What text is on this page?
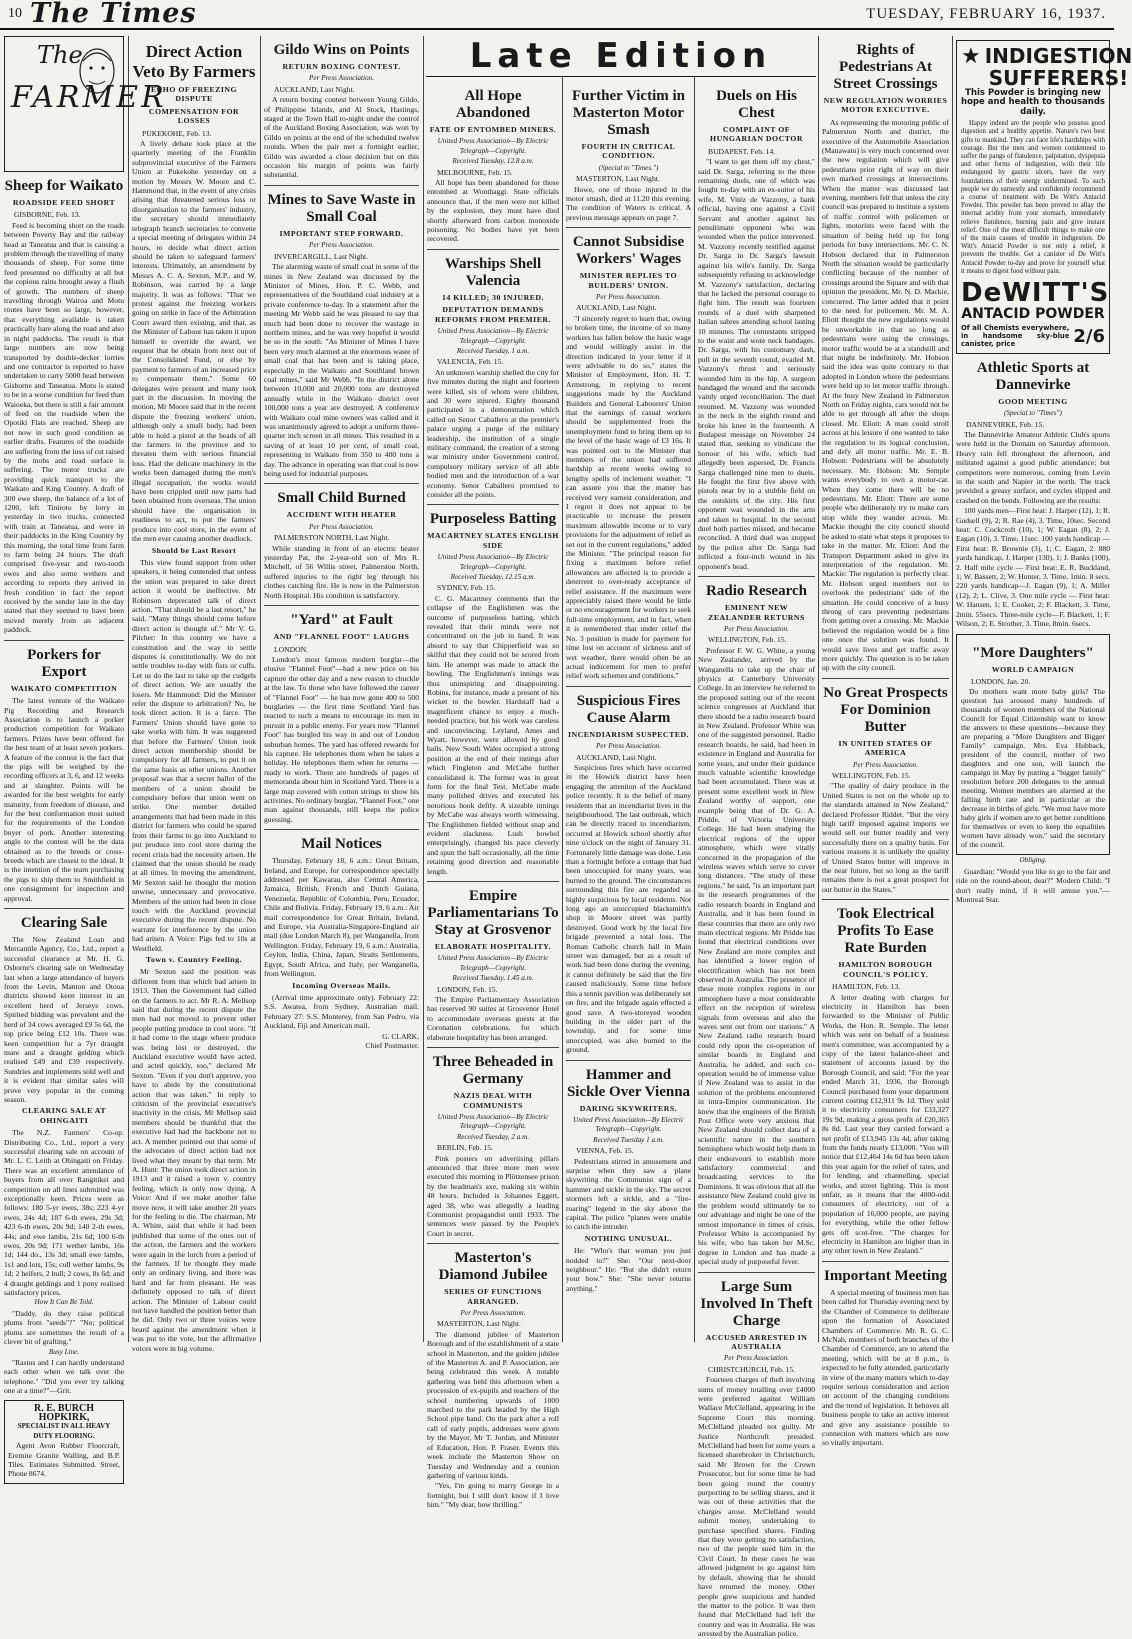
10 The Times	TUESDAY, FEBRUARY 16, 1937.
The
FARMER
Sheep for Waikato
ROADSIDE FEED SHORT

GISBORNE, Feb. 13.

Feed is becoming short on the roads between Poverty Bay and the railway head at Taneatua and that is causing a problem through the travelling of many thousands of sheep. For some time feed presented no difficulty at all but the copious rains brought away a flush of growth. The numbers of sheep travelling through Wairoa and Motu routes have been so large, however, that everything available is taken practically bare along the road and also in night paddocks. The result is that large numbers are now being transported by double-decker lorries and one contractor is reported to have undertaken to carry 5000 head between Gisborne and Taneatua. Motu is stated to be in a worse condition for feed than Waioeka, but there is still a fair amount of feed on the roadside when the Opotiki Flats are reached. Sheep are not now in such good condition as earlier drafts. Features of the roadside are suffering from the loss of cut raised by the mobs and road surface is suffering. The motor trucks are providing quick transport to the Waikato and King Country. A draft of 300 ewe sheep, the balance of a lot of 1200, left Tiniroto by lorry in yesterday in two trucks, connected with train at Taneatua, and were in their paddocks in the King Country by this morning, the total time from farm to farm being 24 hours. The draft comprised five-year and two-tooth ewes and also some wethers and according to reports they arrived in fresh condition in fact the report received by the sender late in the day stated that they seemed to have been moved merely from an adjacent paddock.

Porkers for Export
WAIKATO COMPETITION

The latest venture of the Waikato Pig Recording and Research Association is to launch a porker production competition for Waikato farmers. Prizes have been offered for the best team of at least seven porkers. A feature of the contest is the fact that the pigs will be weighed by the recording officers at 3, 6, and 12 weeks and at slaughter. Points will be awarded for the best weights for early maturity, from freedom of disease, and for the best conformation most suited for the requirements of the London buyer of pork. Another interesting angle to the contest will be the data obtained as to the breeds or cross-breeds which are closest to the ideal. It is the intention of the team purchasing the pigs to ship them to Smithfield in one consignment for inspection and approval.

Clearing Sale

The New Zealand Loan and Mercantile Agency, Co., Ltd., report a successful clearance at Mr. H. G. Osborne's clearing sale on Wednesday last when a large attendance of buyers from the Levin, Manton and Otoua districts showed keen interest in an excellent herd of Jerseys cows. Spirited bidding was prevalent and the herd of 34 cows averaged £9 5s 6d, the top price being £12 10s. There was keen competition for a 7yr draught mare and a draught gelding which realised £49 and £39 respectively. Sundries and implements sold well and it is evident that similar sales will prove very popular in the coming season.

CLEARING SALE AT OHINGAITI

The N.Z. Farmers' Co-op. Distributing Co., Ltd., report a very successful clearing sale on account of Mr. L. C. Leith at Ohingaiti on Friday. There was an excellent attendance of buyers from all over Rangitikei and competition on all lines submitted was exceptionally keen. Prices were as follows: 180 5-yr ewes, 38s; 223 4-yr ewes, 24s 4d; 187 6-th ewes, 29s 3d; 423 6-th ewes, 20s 9d; 140 2-th ewes, 44s; and ewe lambs, 21s 6d; 100 6-th ewes, 20s 9d; 171 wether lambs, 16s 1d; 144 do., 13s 3d; small ewe lambs, 1s1 and lots, 15s; cull wether lambs, 9s 1d; 2 heifers, 2 bull; 2 cows, 8s 6d; and 4 draught geldings and 1 pony realised satisfactory prices.

How It Can Be Told.

"Daddy, do they raise political plums from "seeds"?" "No; political plums are sometimes the result of a clever bit of grafting."

Busy Line.

"Rastus and I can hardly understand each other when we talk over the telephone." "Did you ever try talking one at a time?"—Grit.

R. E. BURCH HOPKIRK,
SPECIALIST IN ALL HEAVY DUTY FLOORING.

Agent Avon Rubber Floorcraft, Eremite Granite Walling, and B.P. Tiles. Estimates Submitted. Street, Phone 8674.

Direct Action Veto By Farmers
ECHO OF FREEZING DISPUTE
COMPENSATION FOR LOSSES

PUKEKOHE, Feb. 13.

A lively debate took place at the quarterly meeting of the Franklin subprovincial executive of the Farmers Union at Pukekohe yesterday on a motion by Messrs W. Moore and C. Hammond that, in the event of any crisis arising that threatened serious loss or disorganisation to the farmers' industry, the secretary should immediately telegraph branch secretaries to convene a special meeting of delegates within 24 hours, to decide what direct action should be taken to safeguard farmers' interests. Ultimately, an amendment by Messrs A. C. A. Sexton, M.P., and W. Robinson, was carried by a large majority. It was as follows: "That we protest against the freezing workers going on strike in face of the Arbitration Court award then existing, and that, as the Minister of Labour has taken it upon himself to override the award, we request that he obtain from next out of the Consolidated Fund, or else by payment to farmers of an increased price to compensate them." Some 60 delegates were present and many took part in the discussion. In moving the motion, Mr Moore said that in the recent dispute the freezing workers' union, although only a small body, had been able to hold a pistol at the heads of all the farmers in the province and to threaten them with serious financial loss. Had the delicate machinery in the works been damaged during the men's illegal occupation, the works would have been crippled until new parts had been obtained from overseas. The union should have the organisation in readiness to act, to put the farmers' produce into cool store, in the event of the men ever causing another deadlock.

Should be Last Resort

This view found support from other speakers, it being contended that unless the union was prepared to take direct action it would be ineffective. Mr Robinson deprecated talk of direct action. "That should be a last resort," he said. "Many things should come before direct action is thought of." Mr V. G. Pilcher: In this country we have a constitution and the way to settle disputes is constitutionally. We do not settle troubles to-day with fists or cuffs. Let us do the last to take up the cudgels of direct action. We are usually the losers. Mr Hammond: Did the Minister refer the dispute to arbitration? No, he took direct action. It is a farce. The Farmers' Union should have gone to take works with him. It was suggested that before the Farmers' Union took direct action membership should be compulsory for all farmers, to put it on the same basis as other unions. Another proposal was that a secret ballot of the members of a union should be compulsory before that union went on strike. One member detailed arrangements that had been made in this district for farmers who could be spared from their farms to go into Auckland to put produce into cool store during the recent crisis had the necessity arisen. He claimed that the union should be ready at all times. In moving the amendment, Mr Sexton said he thought the motion unwise, unnecessary and provocative. Members of the union had been in close touch with the Auckland provincial executive during the recent dispute. No warrant for interference by the union had arisen. A Voice: Pigs fed to 10s at Westfield.

Town v. Country Feeling.

Mr Sexton said the position was different from that which had arisen in 1913. Then the Government had called on the farmers to act. Mr R. A. Mellsop said that during the recent dispute the men had not moved to prevent other people putting produce in cool store. "If it had come to the stage where produce was being lost or destroyed, the Auckland executive would have acted, and acted quickly, too," declared Mr Sexton. "Even if you don't approve, you have to abide by the constitutional action that was taken." In reply to criticism of the provincial executive's inactivity in the crisis, Mr Mellsop said members should be thankful that the executive had had the backbone not to act. A member pointed out that some of the advocates of direct action had not lived what they meant by that term. Mr A. Hunt: The union took direct action in 1913 and it raised a town v. country feeling, which is only now dying. A Voice: And if we make another false move now, it will take another 20 years for the feeling to die. The chairman, Mr A. White, said that while it had been published that some of the ones out of the action, the farmers and the workers were again in the lurch from a period of the farmers. If he thought they made only an ordinary living, and there was hard and far from pleasant. He was definitely opposed to talk of direct action. The Minister of Labour could not have handled the position better than he did. Only two or three voices were heard against the amendment when it was put to the vote, but the affirmative voices were in big volume.

Gildo Wins on Points
RETURN BOXING CONTEST.
Per Press Association.

AUCKLAND, Last Night.

A return boxing contest between Young Gildo, of Philippine Islands, and Al Stock, Hastings, staged at the Town Hall to-night under the control of the Auckland Boxing Association, was won by Gildo on points at the end of the scheduled twelve rounds. When the pair met a fortnight earlier, Gildo was awarded a close decision but on this occasion his margin of points was fairly substantial.

Mines to Save Waste in Small Coal
IMPORTANT STEP FORWARD.
Per Press Association.

INVERCARGILL, Last Night.

The alarming waste of small coal in some of the mines in New Zealand was discussed by the Minister of Mines, Hon. P. C. Webb, and representatives of the Southland coal industry at a private conference to-day. In a statement after the meeting Mr Webb said he was pleased to say that much had been done to recover the wastage in northern mines, and he was very hopeful it would be so in the south. "As Minister of Mines I have been very much alarmed at the enormous waste of small coal that has been and is taking place, especially in the Waikato and Southland brown coal mines," said Mr Webb. "In the district alone between 10,000 and 20,000 tons are destroyed annually while in the Waikato district over 100,000 tons a year are destroyed. A conference with Waikato coal mine owners was called and it was unanimously agreed to adopt a uniform three-quarter inch screen in all mines. This resulted in a saving of at least 10 per cent, of small coal, representing in Waikato from 350 to 400 tons a day. The advance in operating was that coal is now being used for industrial purposes.

Small Child Burned
ACCIDENT WITH HEATER
Per Press Association.

PALMERSTON NORTH, Last Night.

While standing in front of an electric heater yesterday Pat, the 2-year-old son of Mrs R. Mitchell, of 56 Willis street, Palmerston North, suffered injuries to the right leg through his clothes catching fire. He is now in the Palmerston North Hospital. His condition is satisfactory.

"Yard" at Fault
AND "FLANNEL FOOT" LAUGHS

LONDON.

London's most famous modern burglar—the elusive "Flannel Foot"—had a new price on his capture the other day and a new reason to chuckle at the law. To those who have followed the career of "Flannel Foot" — he has now gone 400 to 500 burglaries — the first time Scotland Yard has reacted to such a means to encourage its men in pursuit in a public enemy. For years now "Flannel Foot" has burgled his way in and out of London suburban homes. The yard has offered rewards for his capture. He telephones them when he takes a holiday. He telephones them when he returns — ready to work. There are hundreds of pages of memoranda about him in Scotland Yard. There is a large map covered with cotton strings to show his activities. No ordinary burglar, "Flannel Foot," one man against thousands, still keeps the police guessing.

Mail Notices

Thursday, February 18, 6 a.m.: Great Britain, Ireland, and Europe, for correspondence specially addressed per Kawarau, also Central America, Jamaica, British, French and Dutch Guiana, Venezuela, Republic of Colombia, Peru, Ecuador, Chile and Bolivia. Friday, February 19, 6 a.m.: Air mail correspondence for Great Britain, Ireland, and Europe, via Australia-Singapore-England air mail (due London March 8), per Wanganella, from Wellington. Friday, February 19, 6 a.m.: Australia, Ceylon, India, China, Japan, Straits Settlements, Egypt, South Africa, and Italy, per Wanganella, from Wellington.

Incoming Overseas Mails.

(Arrival time approximate only). February 22: S.S. Awatea, from Sydney, Australian mail. February 27: S.S. Monterey, from San Pedro, via Auckland, Fiji and American mail.

G. CLARK,
Chief Postmaster.
Late Edition
All Hope Abandoned
FATE OF ENTOMBED MINERS.
United Press Association—By Electric Telegraph—Copyright.
Received Tuesday, 12.8 a.m.

MELBOURNE, Feb. 15.

All hope has been abandoned for those entombed at Wonthaggi. State officials announce that, if the men were not killed by the explosion, they must have died shortly afterward from carbon monoxide poisoning. No bodies have yet been recovered.

Warships Shell Valencia
14 KILLED; 30 INJURED.
DEPUTATION DEMANDS REFORMS FROM PREMIER.
United Press Association—By Electric Telegraph—Copyright.
Received Tuesday, 1 a.m.

VALENCIA, Feb. 15.

An unknown warship shelled the city for five minutes during the night and fourteen were killed, six of whom were children, and 30 were injured. Eighty thousand participated in a demonstration which called on Senor Caballero at the premier's palace urging a purge of the military leadership, the institution of a single military command, the creation of a strong war ministry under Government control, compulsory military service of all able bodied men and the introduction of a war economy. Senor Caballero promised to consider all the points.

Purposeless Batting
MACARTNEY SLATES ENGLISH SIDE
United Press Association—By Electric Telegraph—Copyright.
Received Tuesday, 12.15 a.m.

SYDNEY, Feb. 15.

C. G. Macartney comments that the collapse of the Englishmen was the outcome of purposeless batting, which revealed that their minds were not concentrated on the job in hand. It was absurd to say that Chipperfield was so skilful that they could not be scored from him. He attempt was made to attack the bowling. The Englishmen's innings was thus uninspiring and disappointing. Robins, for instance, made a present of his wicket to the bowler. Hardstaff had a magnificent chance to enjoy a much-needed practice, but his work was careless and unconvincing. Leyland, Ames and Wyatt, however, were allowed by good balls. New South Wales occupied a strong position at the end of their innings after which Fingleton and McCabe further consolidated it. The former was in great form for the final Test. McCabe made many polished drives and executed his notorious hook deftly. A sizeable innings by McCabe was always worth witnessing. The Englishmen fielded without snap and evident slackness. Lush bowled enterprisingly, changed his pace cleverly and spun the ball occasionally, all the time retaining good direction and reasonable length.

Empire Parliamentarians To Stay at Grosvenor
ELABORATE HOSPITALITY.
United Press Association—By Electric Telegraph—Copyright.
Received Tuesday, 1.45 a.m.

LONDON, Feb. 15.

The Empire Parliamentary Association has reserved 90 suites at Grosvenor Hotel to accommodate overseas guests at the Coronation celebrations, for which elaborate hospitality has been arranged.

Three Beheaded in Germany
NAZIS DEAL WITH COMMUNISTS
United Press Association—By Electric Telegraph—Copyright.
Received Tuesday, 2 a.m.

BERLIN, Feb. 15.

Pink posters on advertising pillars announced that three more men were executed this morning in Plötzensee prison by the headman's axe, making six within 48 hours. Included is Johannes Eggert, aged 38, who was allegedly a leading Communist propagandist until 1933. The sentences were passed by the People's Court in secret.

Masterton's Diamond Jubilee
SERIES OF FUNCTIONS ARRANGED.
Per Press Association.

MASTERTON, Last Night.

The diamond jubilee of Masterton Borough and of the establishment of a state school in Masterton, and the golden jubilee of the Masterton A. and P. Association, are being celebrated this week. A notable gathering was held this afternoon when a procession of ex-pupils and teachers of the school numbering upwards of 1000 marched to the park headed by the High School pipe band. On the park after a roll call of early pupils, addresses were given by the Mayor, Mr T. Jordan, and Minister of Education, Hon. P. Fraser. Events this week include the Masterton Show on Tuesday and Wednesday and a reunion gathering of various kinds.

"Yes, I'm going to marry George in a fortnight, but I still don't know if I love him." "My dear, how thrilling."

Further Victim in Masterton Motor Smash
FOURTH IN CRITICAL CONDITION.
(Special to "Times.")

MASTERTON, Last Night.

Howe, one of those injured in the motor smash, died at 11.20 this evening. The condition of Waters is critical. A previous message appears on page 7.

Cannot Subsidise Workers' Wages
MINISTER REPLIES TO BUILDERS' UNION.
Per Press Association.

AUCKLAND, Last Night.

"I sincerely regret to learn that, owing to broken time, the income of so many workers has fallen below the basic wage and would willingly assist in the direction indicated in your letter if it were advisable to do so," states the Minister of Employment, Hon. H. T. Armstrong, in replying to recent suggestions made by the Auckland Builders and General Labourers' Union that the earnings of casual workers should be supplemented from the unemployment fund to bring them up to the level of the basic wage of £3 16s. It was pointed out to the Minister that members of the union had suffered hardship as recent weeks owing to lengthy spells of inclement weather. "I can assure you that the matter has received very earnest consideration, and I regret it does not appear to be practicable to increase the present maximum allowable income or to vary provisions for the adjustment of relief as set out in the current regulations," added the Minister. "The principal reason for fixing a maximum before relief allowances are affected is to provide a deterrent to over-ready acceptance of relief assistance. If the maximum were appreciably raised there would be little or no encouragement for workers to seek full-time employment, and in fact, when it is remembered that under relief the No. 3 position is made for payment for time lost on account of sickness and of wet weather, there would often be an actual inducement for men to prefer relief work schemes and conditions."

Suspicious Fires Cause Alarm
INCENDIARISM SUSPECTED.
Per Press Association.

AUCKLAND, Last Night.

Suspicious fires which have occurred in the Howick district have been engaging the attention of the Auckland police recently. It is the belief of many residents that an incendiarist lives in the neighbourhood. The last outbreak, which can be directly traced to incendiarism, occurred at Howick school shortly after nine o'clock on the night of January 31. Fortunately little damage was done. Less than a fortnight before a cottage that had been unoccupied for many years, was burned to the ground. The circumstances surrounding this fire are regarded as highly suspicious by local residents. Not long ago an unoccupied blacksmith's shop in Moore street was partly destroyed. Good work by the local fire brigade prevented a total loss. The Roman Catholic church hall in Main street was damaged, but as a result of work had been done during the evening, it cannot definitely be said that the fire caused maliciously. Some time before this a tennis pavilion was deliberately set on fire, and the brigade again effected a good save. A two-storeyed wooden building in the older part of the township, and for some time unoccupied, was also burned to the ground.

Hammer and Sickle Over Vienna
DARING SKYWRITERS.
United Press Association—By Electric Telegraph—Copyright.
Received Tuesday 1 a.m.

VIENNA, Feb. 15.

Pedestrians stirred in amusement and surprise when they saw a plane skywriting the Communist sign of a hammer and sickle in the sky. The secret stormers left a sickle, and a "fire-roaring" legend in the sky above the capital. The police "planes were unable to catch the intruder.

NOTHING UNUSUAL.

He: "Who's that woman you just nodded to?" She: "Our next-door neighbour." He: "But she didn't return your bow." She: "She never returns anything."

Duels on His Chest
COMPLAINT OF HUNGARIAN DOCTOR

BUDAPEST, Feb. 14.

"I want to get them off my chest," said Dr. Sarga, referring to the three remaining duels, one of which was fought to-day with an ex-suitor of his wife, M. Vitéz de Vazzony, a bank official, having one against a Civil Servant and another against his penultimate opponent who was wounded when the police intervened. M. Vazzony recently testified against Dr. Sarga in Dr. Sarga's lawsuit against his wife's family. Dr. Sarga subsequently refusing to acknowledge M. Vazzony's satisfaction, declaring that he lacked the personal courage to fight him. The result was fourteen rounds of a duel with sharpened Italian sabres attending school lasting 10 minutes. The contestants stripped to the waist and wore neck bandages. Dr. Sarga, with his customary dash, pull in the seventh round, evaded M. Vazzony's thrust and seriously wounded him in the hip. A surgeon bandaged the wound and the seconds vainly urged reconciliation. The duel resumed. M. Vazzony was wounded in the neck in the eighth round and broke his knee in the fourteenth. A Budapest message on November 24 stated that, seeking to vindicate the honour of his wife, which had allegedly been aspersed, Dr. Francis Sarga challenged nine men to duels. He fought the first five above with pistols near by in a stubble field on the outskirts of the city. His first opponent was wounded in the arm and taken to hospital. In the second duel both parties missed, and became reconciled. A third duel was stopped by the police after Dr. Sarga had inflicted a four-inch wound in his opponent's head.

Radio Research
EMINENT NEW ZEALANDER RETURNS
Per Press Association.

WELLINGTON, Feb. 15.

Professor F. W. G. White, a young New Zealander, arrived by the Wanganella to take up the chair of physics at Canterbury University College. In an interview he referred to the proposed setting out of the recent science congresses at Auckland that there should be a radio research board in New Zealand. Professor White was one of the suggested personnel. Radio research boards, he said, had been in existence in England and Australia for some years, and under their guidance much valuable scientific knowledge had been accumulated. There was at present some excellent work in New Zealand worthy of support, one example being that of Dr. G. A. Pridde, of Victoria University College. He had been studying the electrical regions of the upper atmosphere, which were vitally concerned in the propagation of the wireless waves which serve to cover long distances. "The study of these regions," he said, "is an important part in the research programmes of the radio research boards in England and Australia, and it has been found in these countries that there are only two main electrical regions. Mr Pridde has found that electrical conditions over New Zealand are more complex and has identified a lower region of electrification which has not been observed in Australia. The presence of these more complex regions in our atmosphere have a most considerable effect on the reception of wireless signals from overseas and also the waves sent out from our stations." A New Zealand radio research board could rely upon the co-operation of similar boards in England and Australia, he added, and such co-operation would be of immense value if New Zealand was to assist in the solution of the problems encountered in intra-Empire communication. He knew that the engineers of the British Post Office were very anxious that New Zealand should collect data of a scientific nature in the southern hemisphere which would help them in their endeavours to establish more satisfactory commercial and broadcasting services to the Dominions. It was obvious that all the assistance New Zealand could give in the problem would ultimately be to our advantage and night be one of the utmost importance in times of crisis. Professor White is accompanied by his wife, who has taken her M.Sc. degree in London and has made a special study of purposeful fever.

Large Sum Involved In Theft Charge
ACCUSED ARRESTED IN AUSTRALIA
Per Press Association.

CHRISTCHURCH, Feb. 15.

Fourteen charges of theft involving sums of money totalling over £4000 were preferred against William Wallace McClelland, appearing in the Supreme Court this morning. McClelland pleaded not guilty. Mr Justice Northcroft presided. McClelland had been for some years a licensed sharebroker in Christchurch, said Mr Brown for the Crown Prosecutor, but for some time he had been going round the country purporting to be selling shares, and it was out of these activities that the charges arose. McClelland would submit money, undertaking to purchase specified shares. Finding that they were getting no satisfaction, two of the people sued him in the Civil Court. In these cases he was allowed judgment to go against him by default, showing that he should have returned the money. Other people grew suspicious and handed the matter to the police. It was then found that McClelland had left the country and was in Australia. He was arrested by the Australian police.

Rights of Pedestrians At Street Crossings
NEW REGULATION WORRIES MOTOR EXECUTIVE.

As representing the motoring public of Palmerston North and district, the executive of the Automobile Association (Manawatu) is very much concerned over the new regulation which will give pedestrians prior right of way on their own marked crossings at intersections. When the matter was discussed last evening, members felt that unless the city council was prepared to institute a system of traffic control with policemen or lights, motorists were faced with the situation of being held up for long periods for busy intersections. Mr. C. N. Hobson declared that in Palmerston North the situation would be particularly conflicting because of the number of crossings around the Square and with that opinion the president, Mr. N. D. Mackie, concurred. The latter added that it point to the need for policemen. Mr. M. A. Eliott thought the new regulations would be unworkable in that so long as pedestrians were using the crossings, motor traffic would be at a standstill and that might be indefinitely. Mr. Hobson said the idea was quite contrary to that adopted in London where the pedestrians were held up to let motor traffic through. At the busy New Zealand in Palmerston North on Friday nights, cars would not be able to get through all after the shops closed. Mr. Eliott: A man could stroll across at his leisure if one wanted to take the regulation to its logical conclusion, and defy all motor traffic. Mr. E. B. Hobson: Pedestrians will be absolutely necessary. Mr. Hobson: Mr. Semple wants everybody to own a motor-car. When they come there will be no pedestrians. Mr. Eliott: There are some people who deliberately try to make cars stop while they wander across. Mr. Mackie thought the city council should be asked to state what steps it proposes to take in the matter. Mr. Eliott: And the Transport Department asked to give its interpretation of the regulation. Mr. Mackie: The regulation is perfectly clear. Mr. Hobson urged members not to overlook the pedestrians' side of the situation. He could conceive of a busy throng of cars preventing pedestrians from getting over a crossing. Mr. Mackie believed the regulation would be a fine one once the solution was found. It would save lives and get traffic away more quickly. The question is to be taken up with the city council.

No Great Prospects For Dominion Butter
IN UNITED STATES OF AMERICA
Per Press Association.

WELLINGTON, Feb. 15.

"The quality of dairy produce in the United States is not on the whole up to the standards attained in New Zealand," declared Professor Riddet. "But the very high tariff imposed against imports we would sell our butter readily and very successfully there on a quality basis. For various reasons it is unlikely the quality of United States butter will improve in the near future, but so long as the tariff remains there is not a great prospect for our butter in the States."

Took Electrical Profits To Ease Rate Burden
HAMILTON BOROUGH COUNCIL'S POLICY.

HAMILTON, Feb. 13.

A letter dealing with charges for electricity in Hamilton has been forwarded to the Minister of Public Works, the Hon. R. Semple. The letter which was sent on behalf of a business men's committee, was accompanied by a copy of the latest balance-sheet and statement of accounts issued by the Borough Council, and said: "For the year ended March 31, 1936, the Borough Council purchased from your department current costing £12,911 9s 1d. They sold it to electricity consumers for £33,327 19s 9d, making a gross profit of £20,365 8s 8d. Last year they carried forward a net profit of £13,945 13s 4d, after taking from the funds nearly £13,000. "You will notice that £12,464 14s 6d has been taken this year again for the relief of rates, and for lending, and channelling, special works, and street lighting. This is most unfair, as it means that the 4000-odd consumers of electricity, out of a population of 16,000 people, are paying for everything, while the other fellow gets off scot-free. "The charges for electricity in Hamilton are higher than in any other town in New Zealand."

Important Meeting

A special meeting of business men has been called for Thursday evening next by the Chamber of Commerce to deliberate upon the formation of Associated Chambers of Commerce. Mr. R. G. C. McNab, members of both branches of the Chamber of Commerce, are to attend the meeting, which will be at 8 p.m., is expected to be fully attended, particularly in view of the many matters which to-day require serious consideration and action on account of the changing conditions and the trend of legislation. It behoves all business people to take an active interest and give any assistance possible to connection with matters which are now so vitally important.

★ INDIGESTION SUFFERERS!
This Powder is bringing new hope and health to thousands daily.

Happy indeed are the people who possess good digestion and a healthy appetite. Nature's two best gifts to mankind. They can face life's hardships with courage. But the men and women condemned to suffer the pangs of flatulence, palpitation, dyspepsia and other forms of indigestion, with their life endangered by gastric ulcers, have the very foundations of their energy undermined. To such people we do earnestly and confidently recommend a course of treatment with De Witt's Antacid Powder. This powder has been proved to allay the internal acidity from your stomach, immediately relieve flatulence, burning pain and give instant relief. One of the most difficult things to make one of the main causes of trouble in indigestion. De Witt's Antacid Powder is not only a relief, it prevents the trouble. Get a canister of De Witt's Antacid Powder to-day and prove for yourself what it means to digest food without pain.

DeWITT'S
ANTACID POWDER
Of all Chemists everywhere, in handsome sky-blue canister, price	2/6
Athletic Sports at Dannevirke
GOOD MEETING
(Special to "Times")

DANNEVIRKE, Feb. 15.

The Dannevirke Amateur Athletic Club's sports were held in the Domain on Saturday afternoon. Heavy rain fell throughout the afternoon, and militated against a good public attendance; but competitors were numerous, coming from Levin in the south and Napier in the north. The track provided a greasy surface, and cycles slipped and crashed on the bends. Following are the results:

100 yards men—First heat: J. Harper (12), 1; R. Gudsell (9), 2; R. Rae (4), 3. Time, 10sec. Second heat: C. Cockcroft (10), 1; W. Eagan (8), 2; J. Eagan (10), 3. Time, 11sec. 100 yards handicap — First heat: R. Brownie (3), 1; C. Eagan, 2. 880 yards handicap, J. Harper (130), 1; J. Banks (100), 2. Half mile cycle — First heat: E. R. Buckland, 1; W. Bassett, 2; W. Hunter, 3. Time, 1min. 8 secs. 220 yards handicap—J. Eagan (9), 1; A. Miller (12), 2; L. Clive, 3. One mile cycle — First heat: W. Hansen, 1; E. Cooker, 2; F. Blackett, 3. Time, 2min. 55secs. Three-mile cycle—F. Blackett, 1; F. Wilson, 2; E. Strother, 3. Time, 8min. 6secs.

"More Daughters"
WORLD CAMPAIGN

LONDON, Jan. 20.

Do mothers want more baby girls? The question has aroused many hundreds of thousands of women members of the National Council for Equal Citizenship want to know the answers to these questions—because they are preparing a "More Daughters and Bigger Family" campaign. Mrs. Eva Hubback, president of the council, mother of two daughters and one son, will launch the campaign in May by putting a "bigger family" resolution before 200 delegates to the annual meeting. Women members are alarmed at the falling birth rate and in particular at the decrease in births of girls. "We must have more baby girls if women are to get better conditions for themselves or even to keep the equalities women have already won," said the secretary of the council.

Obliging.

Guardian: "Would you like to go to the fair and ride on the round-about, dear?" Modern Child: "I don't really mind, if it will amuse you."—Montreal Star.
